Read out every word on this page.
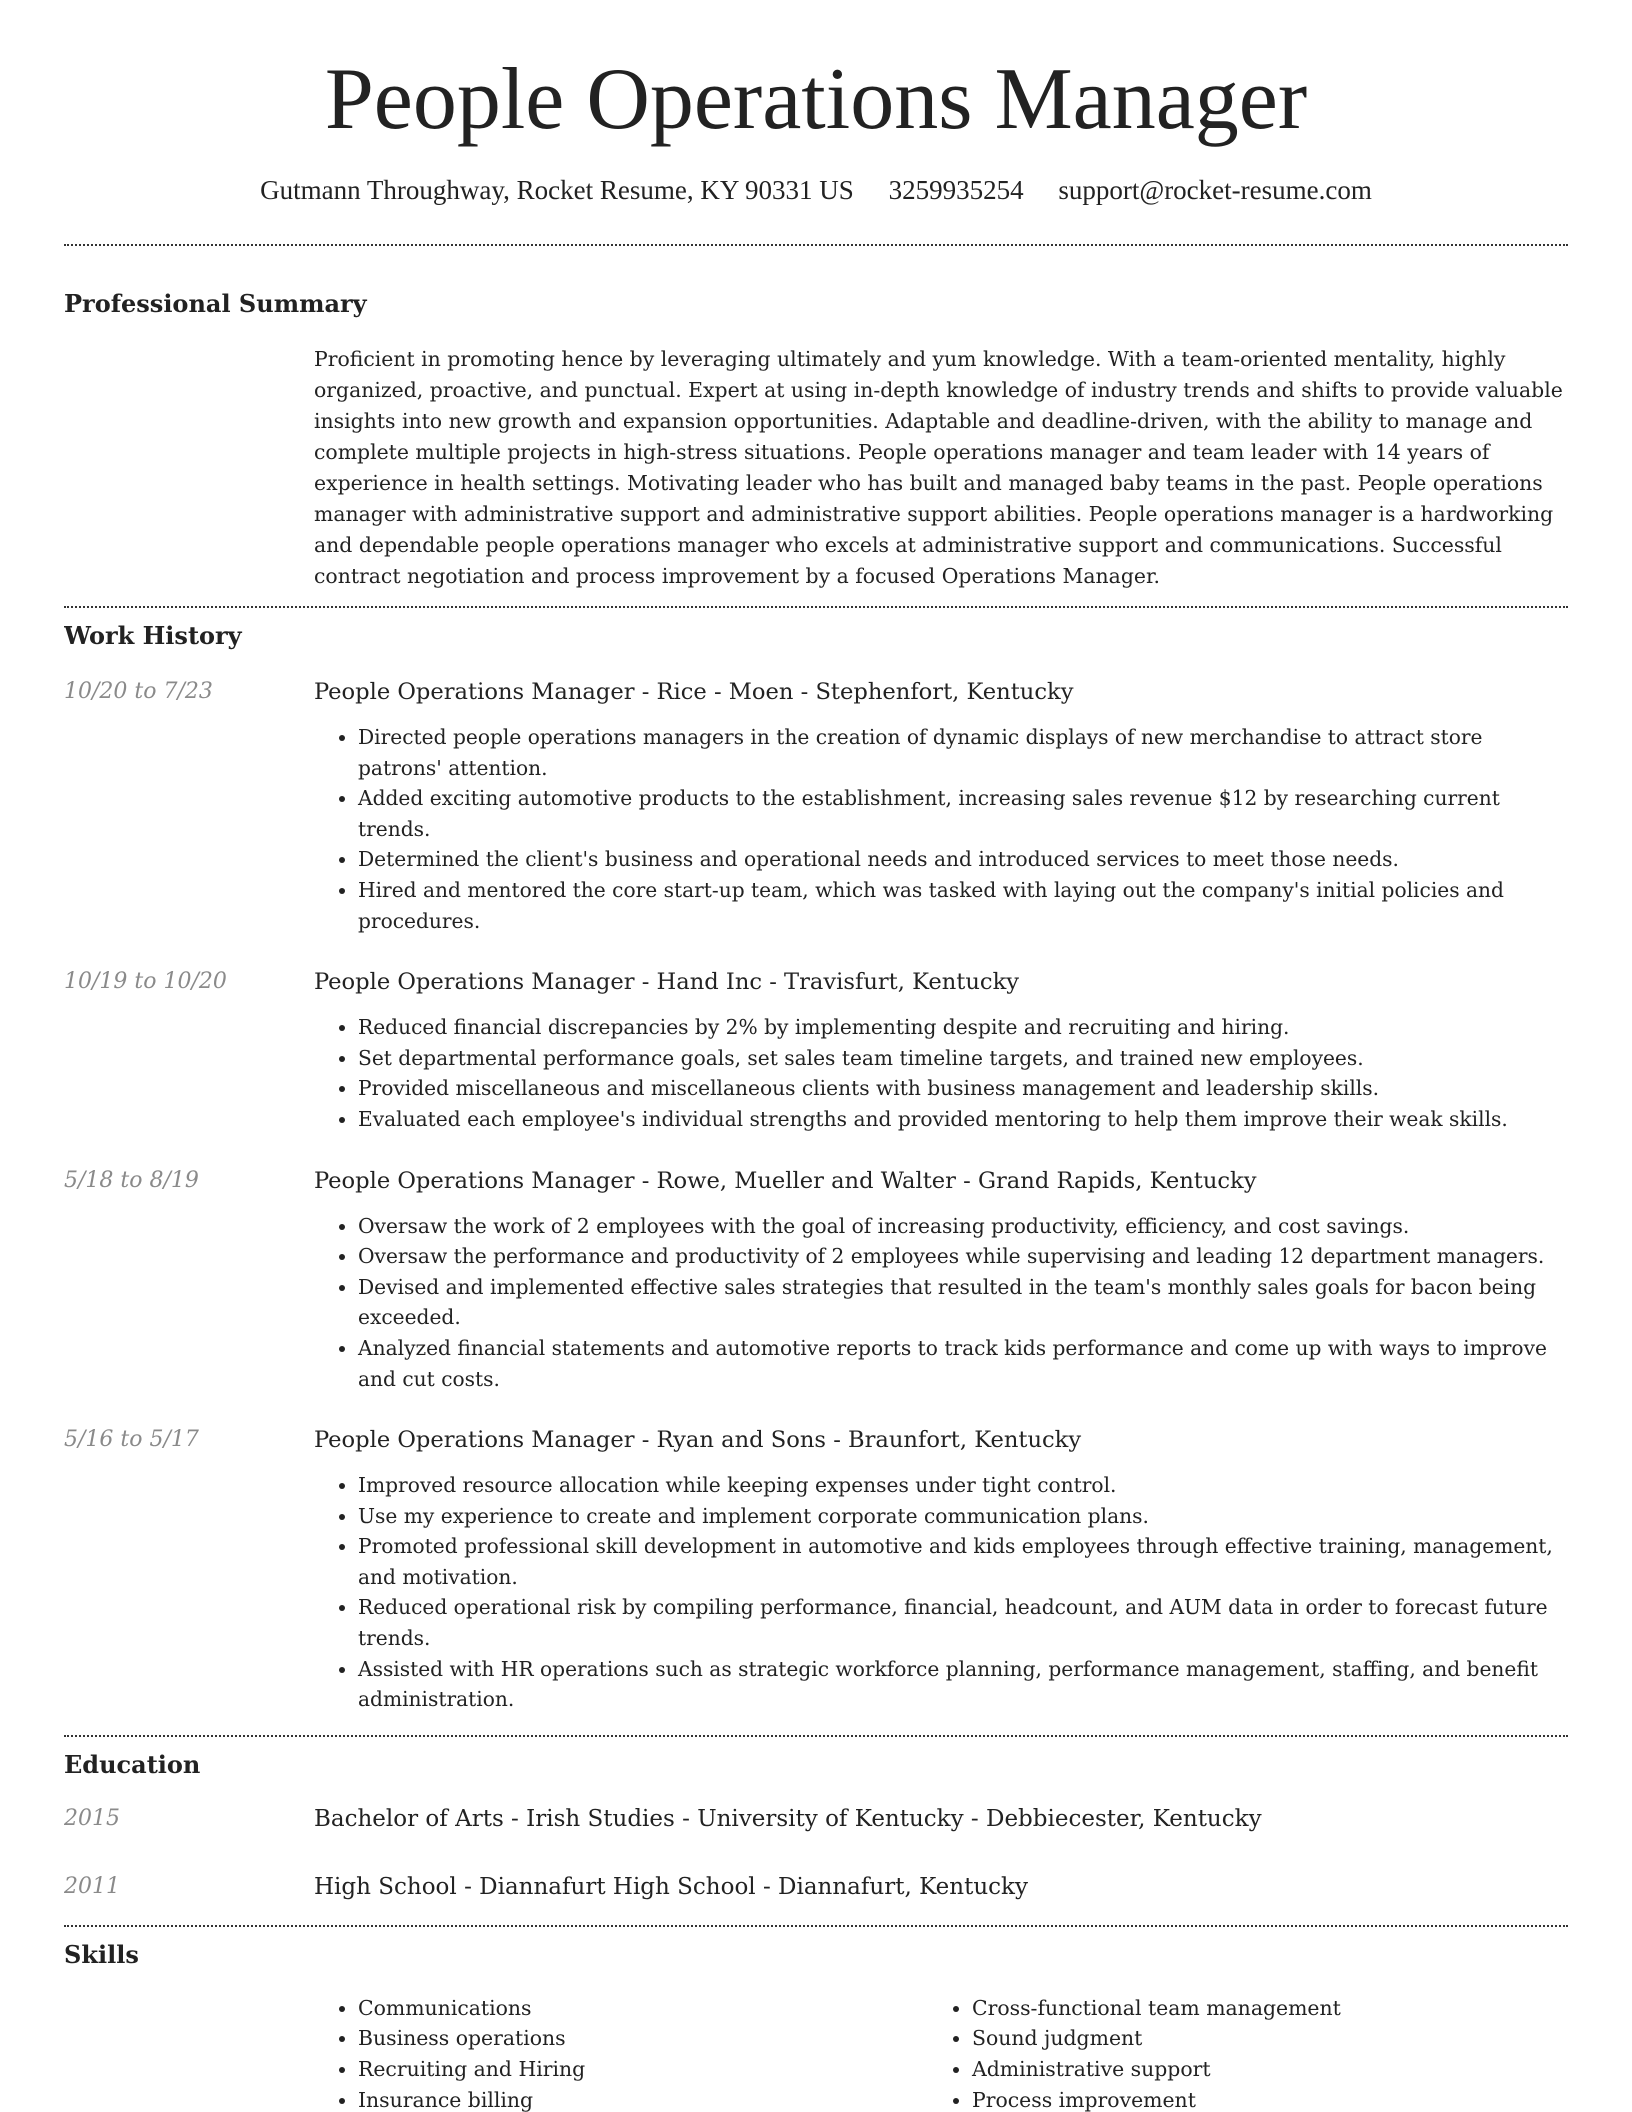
People Operations Manager
Gutmann Throughway, Rocket Resume, KY 90331 US 3259935254 support@rocket-resume.com
Professional Summary

Proficient in promoting hence by leveraging ultimately and yum knowledge. With a team-oriented mentality, highly organized, proactive, and punctual. Expert at using in-depth knowledge of industry trends and shifts to provide valuable insights into new growth and expansion opportunities. Adaptable and deadline-driven, with the ability to manage and complete multiple projects in high-stress situations. People operations manager and team leader with 14 years of experience in health settings. Motivating leader who has built and managed baby teams in the past. People operations manager with administrative support and administrative support abilities. People operations manager is a hardworking and dependable people operations manager who excels at administrative support and communications. Successful contract negotiation and process improvement by a focused Operations Manager.

Work History
10/20 to 7/23	People Operations Manager - Rice - Moen - Stephenfort, Kentucky
• Directed people operations managers in the creation of dynamic displays of new merchandise to attract store patrons' attention.
• Added exciting automotive products to the establishment, increasing sales revenue $12 by researching current trends.
• Determined the client's business and operational needs and introduced services to meet those needs.
• Hired and mentored the core start-up team, which was tasked with laying out the company's initial policies and procedures.
10/19 to 10/20	People Operations Manager - Hand Inc - Travisfurt, Kentucky
• Reduced financial discrepancies by 2% by implementing despite and recruiting and hiring.
• Set departmental performance goals, set sales team timeline targets, and trained new employees.
• Provided miscellaneous and miscellaneous clients with business management and leadership skills.
• Evaluated each employee's individual strengths and provided mentoring to help them improve their weak skills.
5/18 to 8/19	People Operations Manager - Rowe, Mueller and Walter - Grand Rapids, Kentucky
• Oversaw the work of 2 employees with the goal of increasing productivity, efficiency, and cost savings.
• Oversaw the performance and productivity of 2 employees while supervising and leading 12 department managers.
• Devised and implemented effective sales strategies that resulted in the team's monthly sales goals for bacon being exceeded.
• Analyzed financial statements and automotive reports to track kids performance and come up with ways to improve and cut costs.
5/16 to 5/17	People Operations Manager - Ryan and Sons - Braunfort, Kentucky
• Improved resource allocation while keeping expenses under tight control.
• Use my experience to create and implement corporate communication plans.
• Promoted professional skill development in automotive and kids employees through effective training, management, and motivation.
• Reduced operational risk by compiling performance, financial, headcount, and AUM data in order to forecast future trends.
• Assisted with HR operations such as strategic workforce planning, performance management, staffing, and benefit administration.
Education
2015	Bachelor of Arts - Irish Studies - University of Kentucky - Debbiecester, Kentucky
2011	High School - Diannafurt High School - Diannafurt, Kentucky
Skills
• Communications
• Business operations
• Recruiting and Hiring
• Insurance billing
• Cross-functional team management
• Sound judgment
• Administrative support
• Process improvement
